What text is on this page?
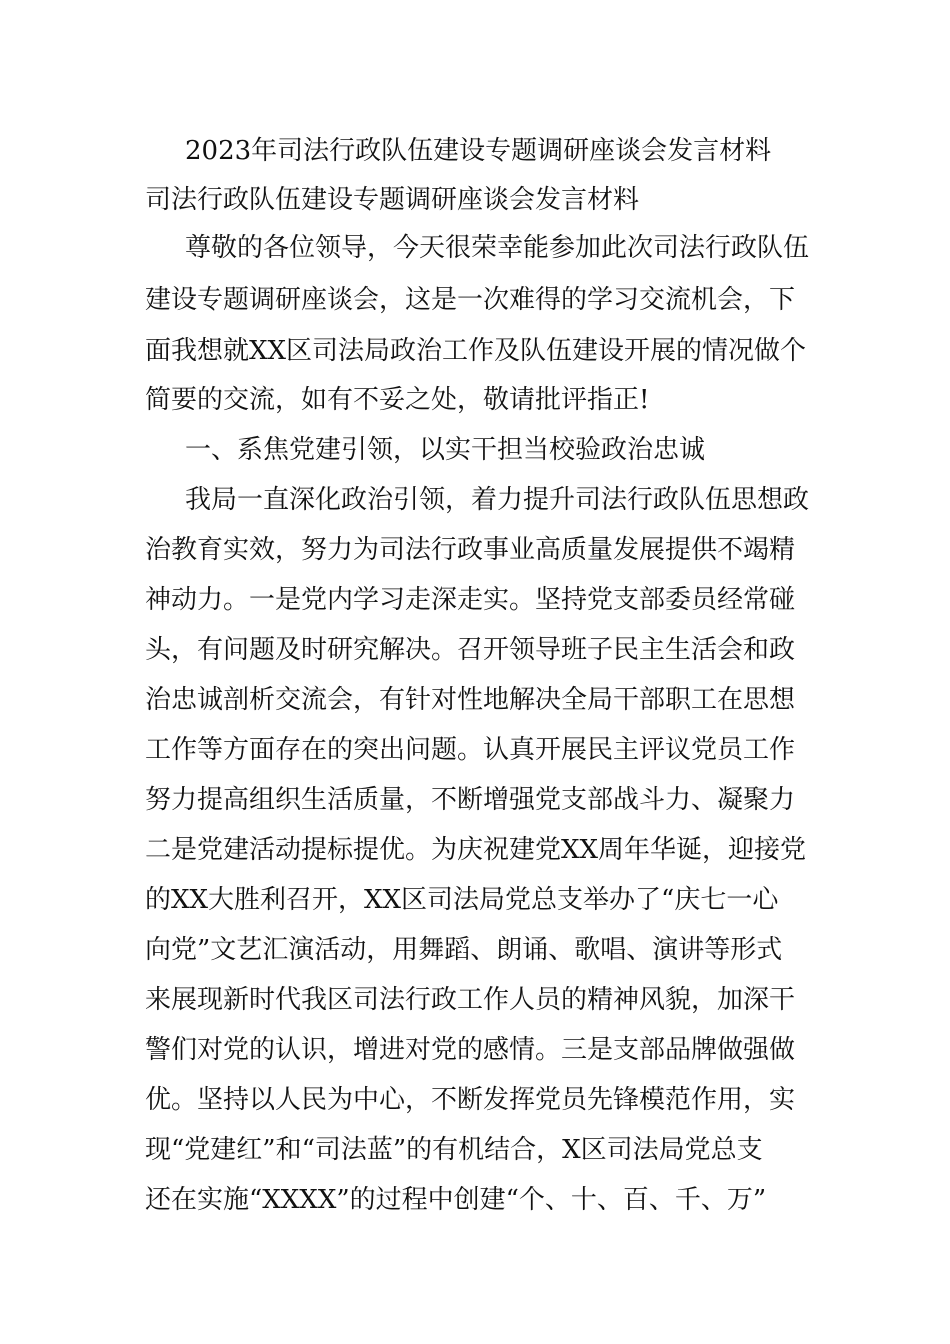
2023年司法行政队伍建设专题调研座谈会发言材料
司法行政队伍建设专题调研座谈会发言材料
尊敬的各位领导，今天很荣幸能参加此次司法行政队伍
建设专题调研座谈会，这是一次难得的学习交流机会，下
面我想就XX区司法局政治工作及队伍建设开展的情况做个
简要的交流，如有不妥之处，敬请批评指正!
一、系焦党建引领，以实干担当校验政治忠诚
我局一直深化政治引领，着力提升司法行政队伍思想政
治教育实效，努力为司法行政事业高质量发展提供不竭精
神动力。一是党内学习走深走实。坚持党支部委员经常碰
头，有问题及时研究解决。召开领导班子民主生活会和政
治忠诚剖析交流会，有针对性地解决全局干部职工在思想
工作等方面存在的突出问题。认真开展民主评议党员工作
努力提高组织生活质量，不断增强党支部战斗力、凝聚力
二是党建活动提标提优。为庆祝建党XX周年华诞，迎接党
的XX大胜利召开，XX区司法局党总支举办了“庆七一心
向党”文艺汇演活动，用舞蹈、朗诵、歌唱、演讲等形式
来展现新时代我区司法行政工作人员的精神风貌，加深干
警们对党的认识，增进对党的感情。三是支部品牌做强做
优。坚持以人民为中心，不断发挥党员先锋模范作用，实
现“党建红”和“司法蓝”的有机结合，X区司法局党总支
还在实施“XXXX”的过程中创建“个、十、百、千、万”
